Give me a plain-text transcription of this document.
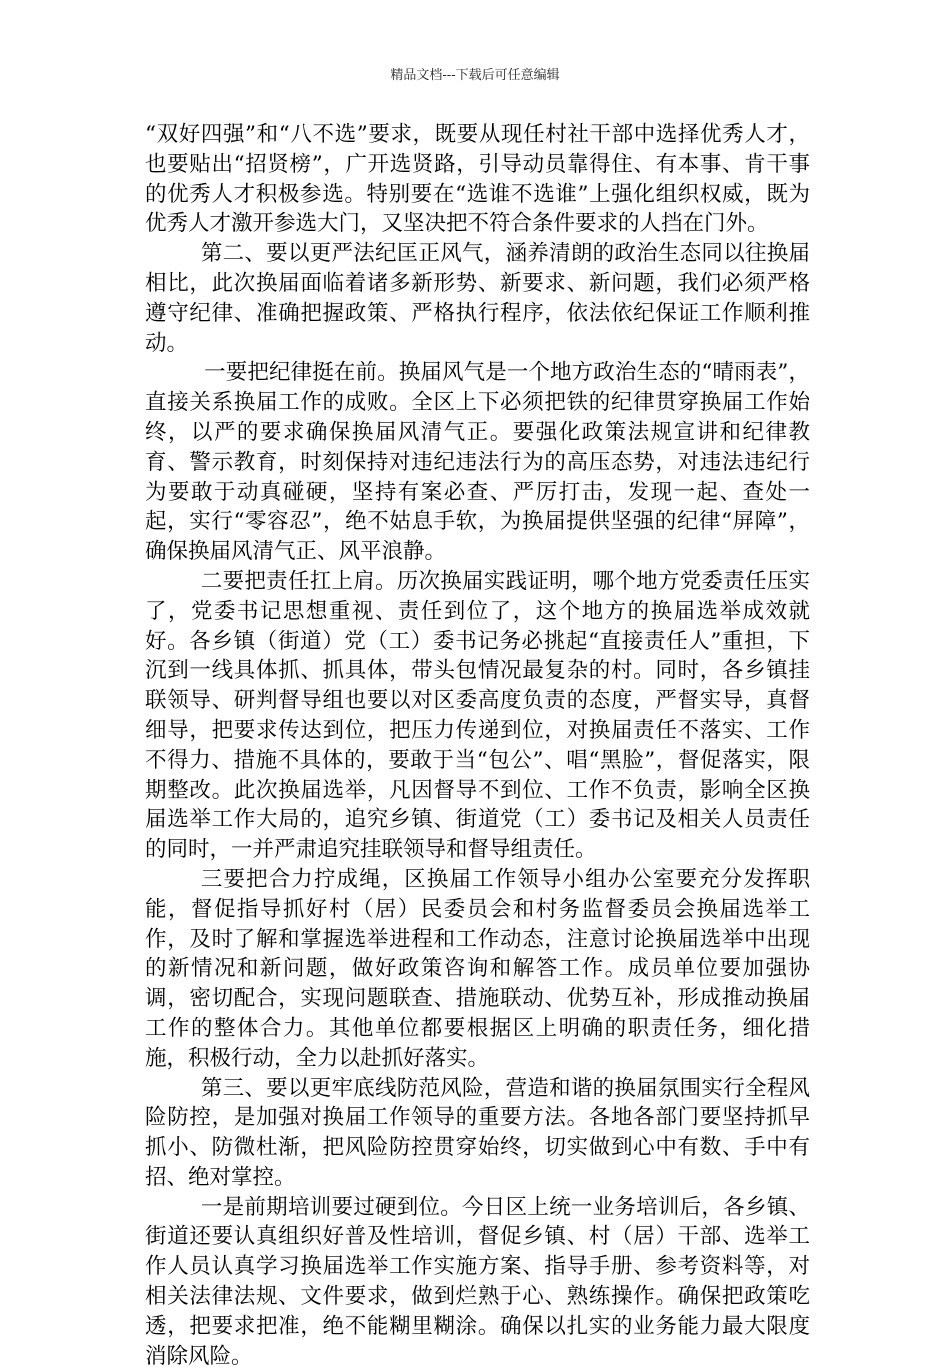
精品文档---下载后可任意编辑

“双好四强”和“八不选”要求，既要从现任村社干部中选择优秀人才，也要贴出“招贤榜”，广开选贤路，引导动员靠得住、有本事、肯干事的优秀人才积极参选。特别要在“选谁不选谁”上强化组织权威，既为优秀人才激开参选大门，又坚决把不符合条件要求的人挡在门外。

第二、要以更严法纪匡正风气，涵养清朗的政治生态同以往换届相比，此次换届面临着诸多新形势、新要求、新问题，我们必须严格遵守纪律、准确把握政策、严格执行程序，依法依纪保证工作顺利推动。

一要把纪律挺在前。换届风气是一个地方政治生态的“晴雨表”，直接关系换届工作的成败。全区上下必须把铁的纪律贯穿换届工作始终，以严的要求确保换届风清气正。要强化政策法规宣讲和纪律教育、警示教育，时刻保持对违纪违法行为的高压态势，对违法违纪行为要敢于动真碰硬，坚持有案必查、严厉打击，发现一起、查处一起，实行“零容忍”，绝不姑息手软，为换届提供坚强的纪律“屏障”，确保换届风清气正、风平浪静。

二要把责任扛上肩。历次换届实践证明，哪个地方党委责任压实了，党委书记思想重视、责任到位了，这个地方的换届选举成效就好。各乡镇（街道）党（工）委书记务必挑起“直接责任人”重担，下沉到一线具体抓、抓具体，带头包情况最复杂的村。同时，各乡镇挂联领导、研判督导组也要以对区委高度负责的态度，严督实导，真督细导，把要求传达到位，把压力传递到位，对换届责任不落实、工作不得力、措施不具体的，要敢于当“包公”、唱“黑脸”，督促落实，限期整改。此次换届选举，凡因督导不到位、工作不负责，影响全区换届选举工作大局的，追究乡镇、街道党（工）委书记及相关人员责任的同时，一并严肃追究挂联领导和督导组责任。

三要把合力拧成绳，区换届工作领导小组办公室要充分发挥职能，督促指导抓好村（居）民委员会和村务监督委员会换届选举工作，及时了解和掌握选举进程和工作动态，注意讨论换届选举中出现的新情况和新问题，做好政策咨询和解答工作。成员单位要加强协调，密切配合，实现问题联查、措施联动、优势互补，形成推动换届工作的整体合力。其他单位都要根据区上明确的职责任务，细化措施，积极行动，全力以赴抓好落实。

第三、要以更牢底线防范风险，营造和谐的换届氛围实行全程风险防控，是加强对换届工作领导的重要方法。各地各部门要坚持抓早抓小、防微杜渐，把风险防控贯穿始终，切实做到心中有数、手中有招、绝对掌控。

一是前期培训要过硬到位。今日区上统一业务培训后，各乡镇、街道还要认真组织好普及性培训，督促乡镇、村（居）干部、选举工作人员认真学习换届选举工作实施方案、指导手册、参考资料等，对相关法律法规、文件要求，做到烂熟于心、熟练操作。确保把政策吃透，把要求把准，绝不能糊里糊涂。确保以扎实的业务能力最大限度消除风险。
